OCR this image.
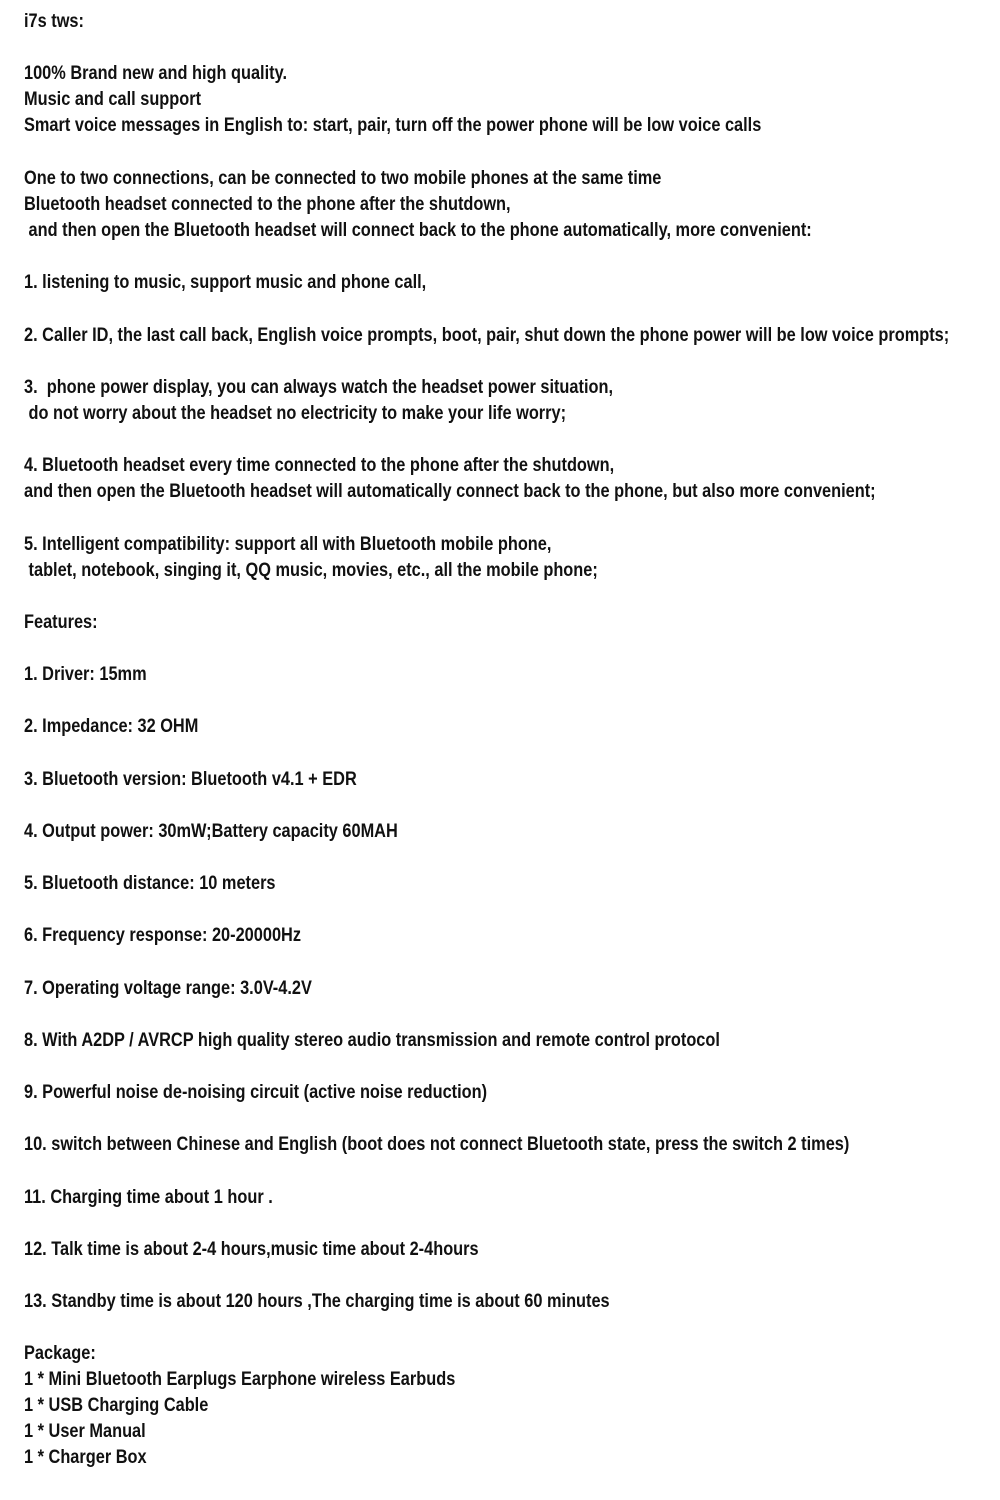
i7s tws:

100% Brand new and high quality.

Music and call support

Smart voice messages in English to: start, pair, turn off the power phone will be low voice calls

One to two connections, can be connected to two mobile phones at the same time

Bluetooth headset connected to the phone after the shutdown,

and then open the Bluetooth headset will connect back to the phone automatically, more convenient:

1. listening to music, support music and phone call,

2. Caller ID, the last call back, English voice prompts, boot, pair, shut down the phone power will be low voice prompts;

3.  phone power display, you can always watch the headset power situation,

do not worry about the headset no electricity to make your life worry;

4. Bluetooth headset every time connected to the phone after the shutdown,

and then open the Bluetooth headset will automatically connect back to the phone, but also more convenient;

5. Intelligent compatibility: support all with Bluetooth mobile phone,

tablet, notebook, singing it, QQ music, movies, etc., all the mobile phone;

Features:

1. Driver: 15mm

2. Impedance: 32 OHM

3. Bluetooth version: Bluetooth v4.1 + EDR

4. Output power: 30mW;Battery capacity 60MAH

5. Bluetooth distance: 10 meters

6. Frequency response: 20-20000Hz

7. Operating voltage range: 3.0V-4.2V

8. With A2DP / AVRCP high quality stereo audio transmission and remote control protocol

9. Powerful noise de-noising circuit (active noise reduction)

10. switch between Chinese and English (boot does not connect Bluetooth state, press the switch 2 times)

11. Charging time about 1 hour .

12. Talk time is about 2-4 hours,music time about 2-4hours

13. Standby time is about 120 hours ,The charging time is about 60 minutes

Package:

1 * Mini Bluetooth Earplugs Earphone wireless Earbuds

1 * USB Charging Cable

1 * User Manual

1 * Charger Box
